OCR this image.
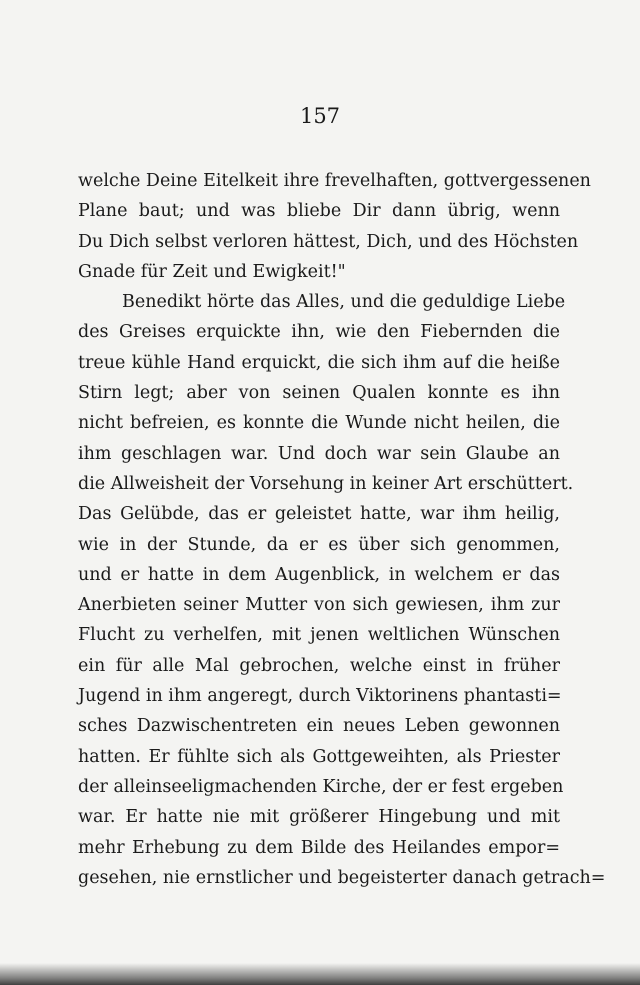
157
welche Deine Eitelkeit ihre frevelhaften, gottvergessenen
Plane baut; und was bliebe Dir dann übrig, wenn
Du Dich selbst verloren hättest, Dich, und des Höchsten
Gnade für Zeit und Ewigkeit!"
Benedikt hörte das Alles, und die geduldige Liebe
des Greises erquickte ihn, wie den Fiebernden die
treue kühle Hand erquickt, die sich ihm auf die heiße
Stirn legt; aber von seinen Qualen konnte es ihn
nicht befreien, es konnte die Wunde nicht heilen, die
ihm geschlagen war. Und doch war sein Glaube an
die Allweisheit der Vorsehung in keiner Art erschüttert.
Das Gelübde, das er geleistet hatte, war ihm heilig,
wie in der Stunde, da er es über sich genommen,
und er hatte in dem Augenblick, in welchem er das
Anerbieten seiner Mutter von sich gewiesen, ihm zur
Flucht zu verhelfen, mit jenen weltlichen Wünschen
ein für alle Mal gebrochen, welche einst in früher
Jugend in ihm angeregt, durch Viktorinens phantasti=
sches Dazwischentreten ein neues Leben gewonnen
hatten. Er fühlte sich als Gottgeweihten, als Priester
der alleinseeligmachenden Kirche, der er fest ergeben
war. Er hatte nie mit größerer Hingebung und mit
mehr Erhebung zu dem Bilde des Heilandes empor=
gesehen, nie ernstlicher und begeisterter danach getrach=
